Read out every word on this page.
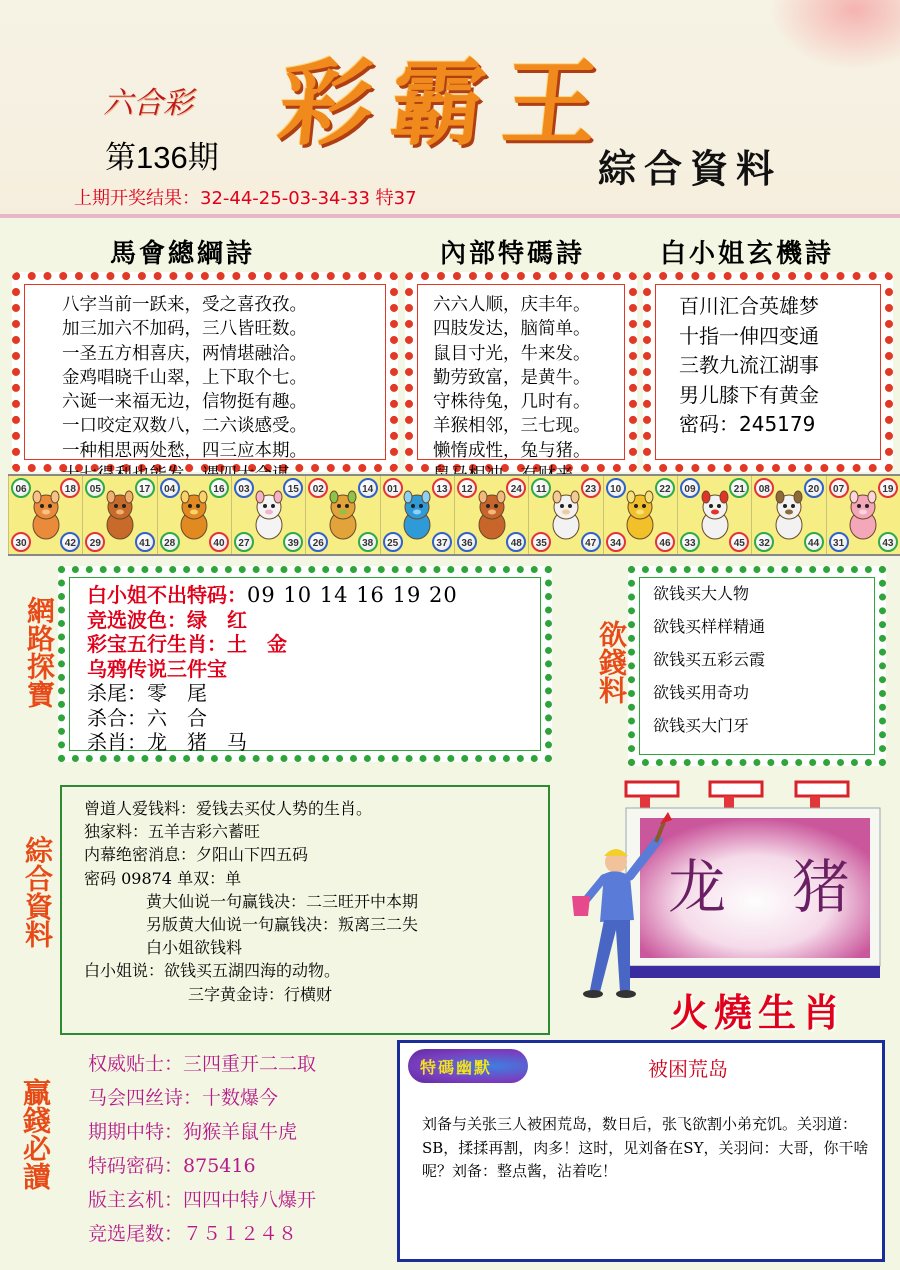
六合彩 彩霸王
第136期	綜合資料
上期开奖结果：32-44-25-03-34-33 特37
馬會總綱詩	內部特碼詩	白小姐玄機詩
八字当前一跃来，受之喜孜孜。
加三加六不加码，三八皆旺数。
一圣五方相喜庆，两情堪融洽。
金鸡唱晓千山翠，上下取个七。
六诞一来福无边，信物挺有趣。
一口咬定双数八，二六谈感受。
一种相思两处愁，四三应本期。
六六人顺，庆丰年。
四肢发达，脑简单。
鼠目寸光，牛来发。
勤劳致富，是黄牛。
守株待兔，几时有。
羊猴相邻，三七现。
懒惰成性，兔与猪。
百川汇合英雄梦
十指一伸四变通
三教九流江湖事
男儿膝下有黄金
密码：245179
06	18
30	42
05	17
29	41
04	16
28	40
03	15
27	39
02	14
26	38
01	13
25	37
12	24
36	48
11	23
35	47
10	22
34	46
09	21
33	45
08	20
32	44
07	19
31	43
網路探寶
白小姐不出特码：09 10 14 16 19 20
竞选波色：绿　红
彩宝五行生肖：土　金
乌鸦传说三件宝
杀尾：零　尾
杀合：六　合
杀肖：龙　猪　马
欲錢料
欲钱买大人物
欲钱买样样精通
欲钱买五彩云霞
欲钱买用奇功
欲钱买大门牙
綜合資料
曾道人爱钱料：爱钱去买仗人势的生肖。
独家料：五羊吉彩六蓄旺
内幕绝密消息：夕阳山下四五码
密码 09874 单双：单
黄大仙说一句赢钱决：二三旺开中本期
另版黄大仙说一句赢钱决：叛离三二失
白小姐欲钱料
白小姐说：欲钱买五湖四海的动物。
三字黄金诗：行横财
龙　猪
火燒生肖
贏錢必讀
权威贴士：三四重开二二取
马会四丝诗：十数爆今
期期中特：狗猴羊鼠牛虎
特码密码：875416
版主玄机：四四中特八爆开
竞选尾数：７５１２４８
特碼幽默	被困荒岛
刘备与关张三人被困荒岛，数日后，张飞欲割小弟充饥。关羽道：SB，揉揉再割，肉多！这时，见刘备在SY，关羽问：大哥，你干啥呢？刘备：整点酱，沾着吃！
